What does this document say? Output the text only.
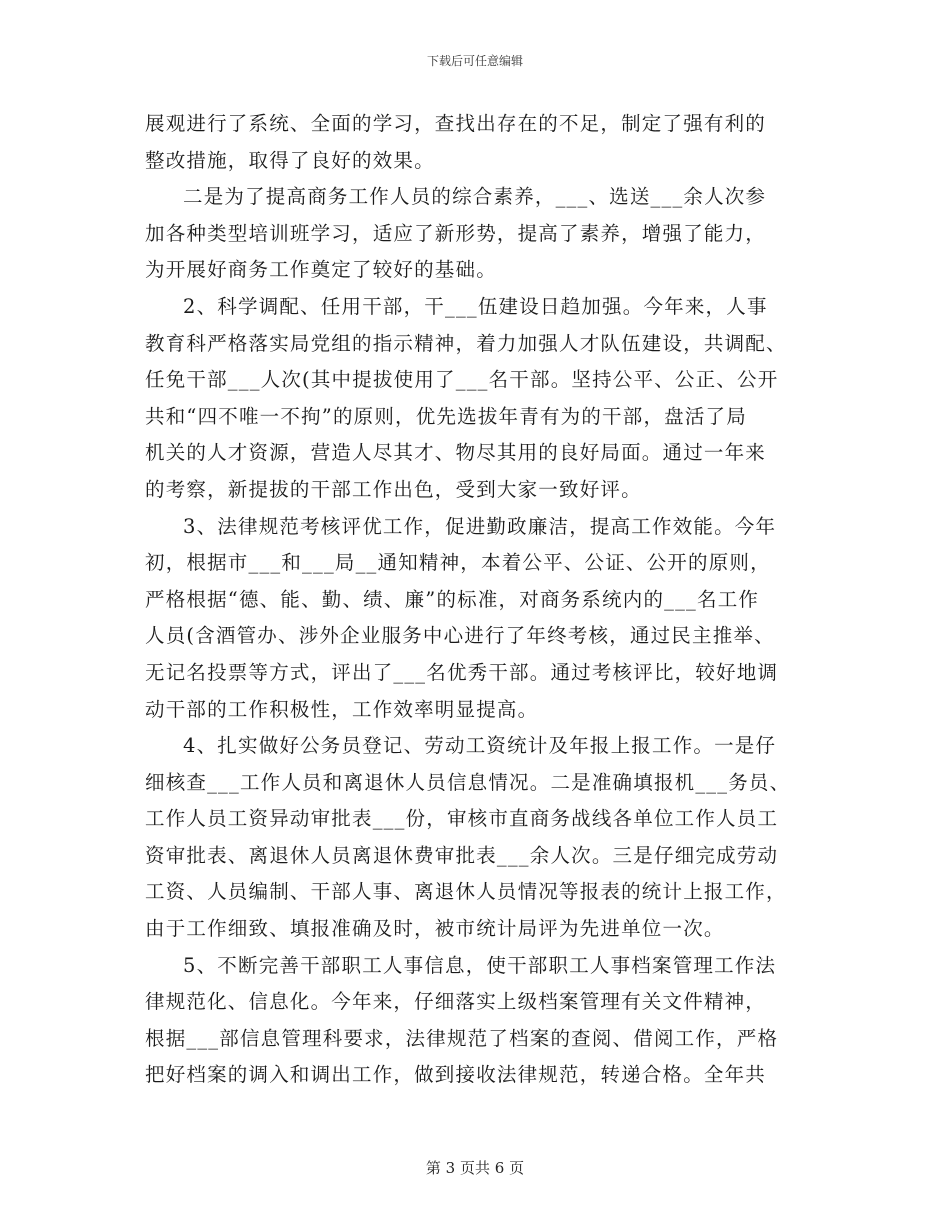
下载后可任意编辑
展观进行了系统、全面的学习，查找出存在的不足，制定了强有利的
整改措施，取得了良好的效果。
二是为了提高商务工作人员的综合素养，___、选送___余人次参
加各种类型培训班学习，适应了新形势，提高了素养，增强了能力，
为开展好商务工作奠定了较好的基础。
2、科学调配、任用干部，干___伍建设日趋加强。今年来，人事
教育科严格落实局党组的指示精神，着力加强人才队伍建设，共调配、
任免干部___人次(其中提拔使用了___名干部。坚持公平、公正、公开
共和“四不唯一不拘”的原则，优先选拔年青有为的干部，盘活了局
机关的人才资源，营造人尽其才、物尽其用的良好局面。通过一年来
的考察，新提拔的干部工作出色，受到大家一致好评。
3、法律规范考核评优工作，促进勤政廉洁，提高工作效能。今年
初，根据市___和___局__通知精神，本着公平、公证、公开的原则，
严格根据“德、能、勤、绩、廉”的标准，对商务系统内的___名工作
人员(含酒管办、涉外企业服务中心进行了年终考核，通过民主推举、
无记名投票等方式，评出了___名优秀干部。通过考核评比，较好地调
动干部的工作积极性，工作效率明显提高。
4、扎实做好公务员登记、劳动工资统计及年报上报工作。一是仔
细核查___工作人员和离退休人员信息情况。二是准确填报机___务员、
工作人员工资异动审批表___份，审核市直商务战线各单位工作人员工
资审批表、离退休人员离退休费审批表___余人次。三是仔细完成劳动
工资、人员编制、干部人事、离退休人员情况等报表的统计上报工作，
由于工作细致、填报准确及时，被市统计局评为先进单位一次。
5、不断完善干部职工人事信息，使干部职工人事档案管理工作法
律规范化、信息化。今年来，仔细落实上级档案管理有关文件精神，
根据___部信息管理科要求，法律规范了档案的查阅、借阅工作，严格
把好档案的调入和调出工作，做到接收法律规范，转递合格。全年共
第 3 页共 6 页
